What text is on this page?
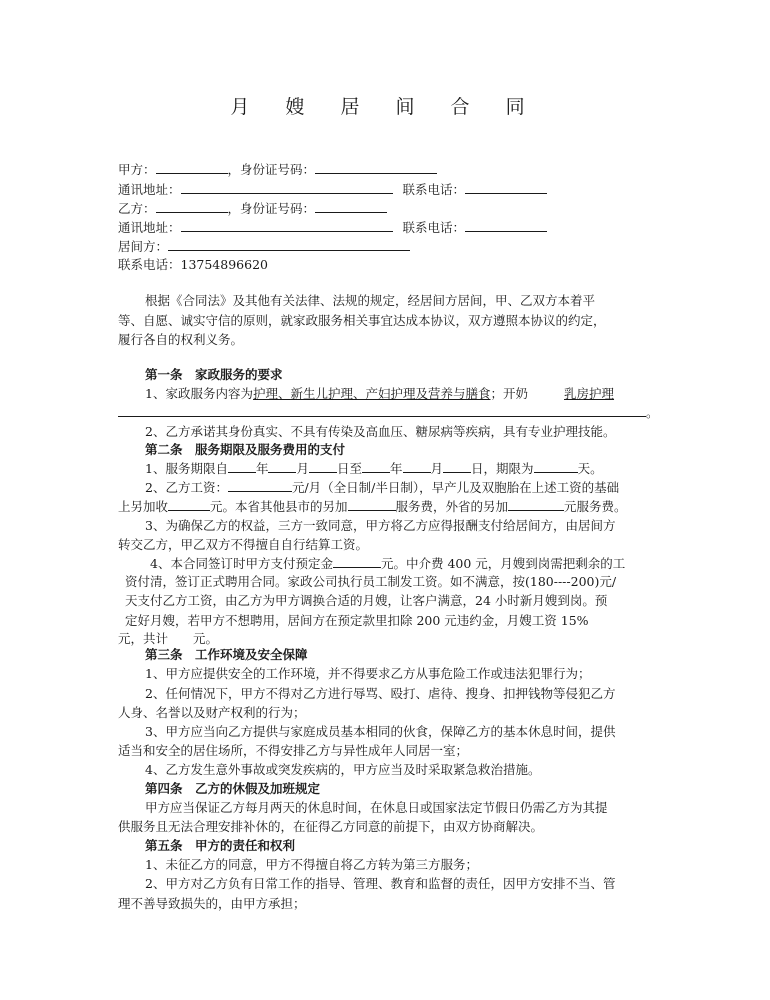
月 嫂 居 间 合 同
甲方：	，身份证号码：
通讯地址：	联系电话：
乙方：	，身份证号码：
通讯地址：	联系电话：
居间方：
联系电话：13754896620
根据《合同法》及其他有关法律、法规的规定，经居间方居间，甲、乙双方本着平
等、自愿、诚实守信的原则，就家政服务相关事宜达成本协议，双方遵照本协议的约定，
履行各自的权利义务。
第一条　家政服务的要求
1、家政服务内容为护理、新生儿护理、产妇护理及营养与膳食；开奶	乳房护理
。
2、乙方承诺其身份真实、不具有传染及高血压、糖尿病等疾病，具有专业护理技能。
第二条　服务期限及服务费用的支付
1、服务期限自 年 月 日至 年 月 日，期限为	天。
2、乙方工资：	元/月（全日制/半日制），早产儿及双胞胎在上述工资的基础
上另加收	元。本省其他县市的另加	服务费，外省的另加	元服务费。
3、为确保乙方的权益，三方一致同意，甲方将乙方应得报酬支付给居间方，由居间方
转交乙方，甲乙双方不得擅自自行结算工资。
4、本合同签订时甲方支付预定金	元。中介费 400 元，月嫂到岗需把剩余的工
资付清，签订正式聘用合同。家政公司执行员工制发工资。如不满意，按(180----200)元/
天支付乙方工资，由乙方为甲方调换合适的月嫂，让客户满意，24 小时新月嫂到岗。预
定好月嫂，若甲方不想聘用，居间方在预定款里扣除 200 元违约金，月嫂工资 15%
元，共计　　元。
第三条　工作环境及安全保障
1、甲方应提供安全的工作环境，并不得要求乙方从事危险工作或违法犯罪行为；
2、任何情况下，甲方不得对乙方进行辱骂、殴打、虐待、搜身、扣押钱物等侵犯乙方
人身、名誉以及财产权利的行为；
3、甲方应当向乙方提供与家庭成员基本相同的伙食，保障乙方的基本休息时间，提供
适当和安全的居住场所，不得安排乙方与异性成年人同居一室；
4、乙方发生意外事故或突发疾病的，甲方应当及时采取紧急救治措施。
第四条　乙方的休假及加班规定
甲方应当保证乙方每月两天的休息时间，在休息日或国家法定节假日仍需乙方为其提
供服务且无法合理安排补休的，在征得乙方同意的前提下，由双方协商解决。
第五条　甲方的责任和权利
1、未征乙方的同意，甲方不得擅自将乙方转为第三方服务；
2、甲方对乙方负有日常工作的指导、管理、教育和监督的责任，因甲方安排不当、管
理不善导致损失的，由甲方承担；
